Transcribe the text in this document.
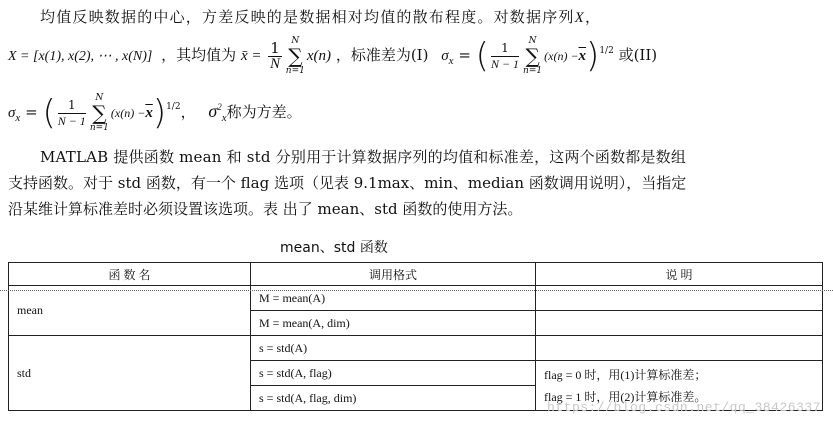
均值反映数据的中心，方差反映的是数据相对均值的散布程度。对数据序列X，
X = [x(1), x(2), ⋯ , x(N)] ，其均值为 x̄ = $\frac{1}{N}$	N
∑
n=1
x(n) ，标准差为(I) $\sigma_x$ = ( $\frac{1}{N - 1}$	N
∑
n=1
$(x(n) -\overline{x})^{1/2}$ 或(II)
$\sigma_x$ = ( $\frac{1}{N - 1}$	N
∑
n=1
$(x(n) -\overline{x})^{1/2}$， $\sigma^2_x$称为方差。
MATLAB 提供函数 mean 和 std 分别用于计算数据序列的均值和标准差，这两个函数都是数组
支持函数。对于 std 函数，有一个 flag 选项（见表 9.1max、min、median 函数调用说明），当指定
沿某维计算标准差时必须设置该选项。表 出了 mean、std 函数的使用方法。
mean、std 函数
函 数 名	调用格式	说 明
mean	M = mean(A)	
	M = mean(A, dim)	
std	s = std(A)	
	s = std(A, flag)	flag = 0 时，用(1)计算标准差；
flag = 1 时，用(2)计算标准差。

	s = std(A, flag, dim)	
https://blog.csdn.net/qq_38426337
